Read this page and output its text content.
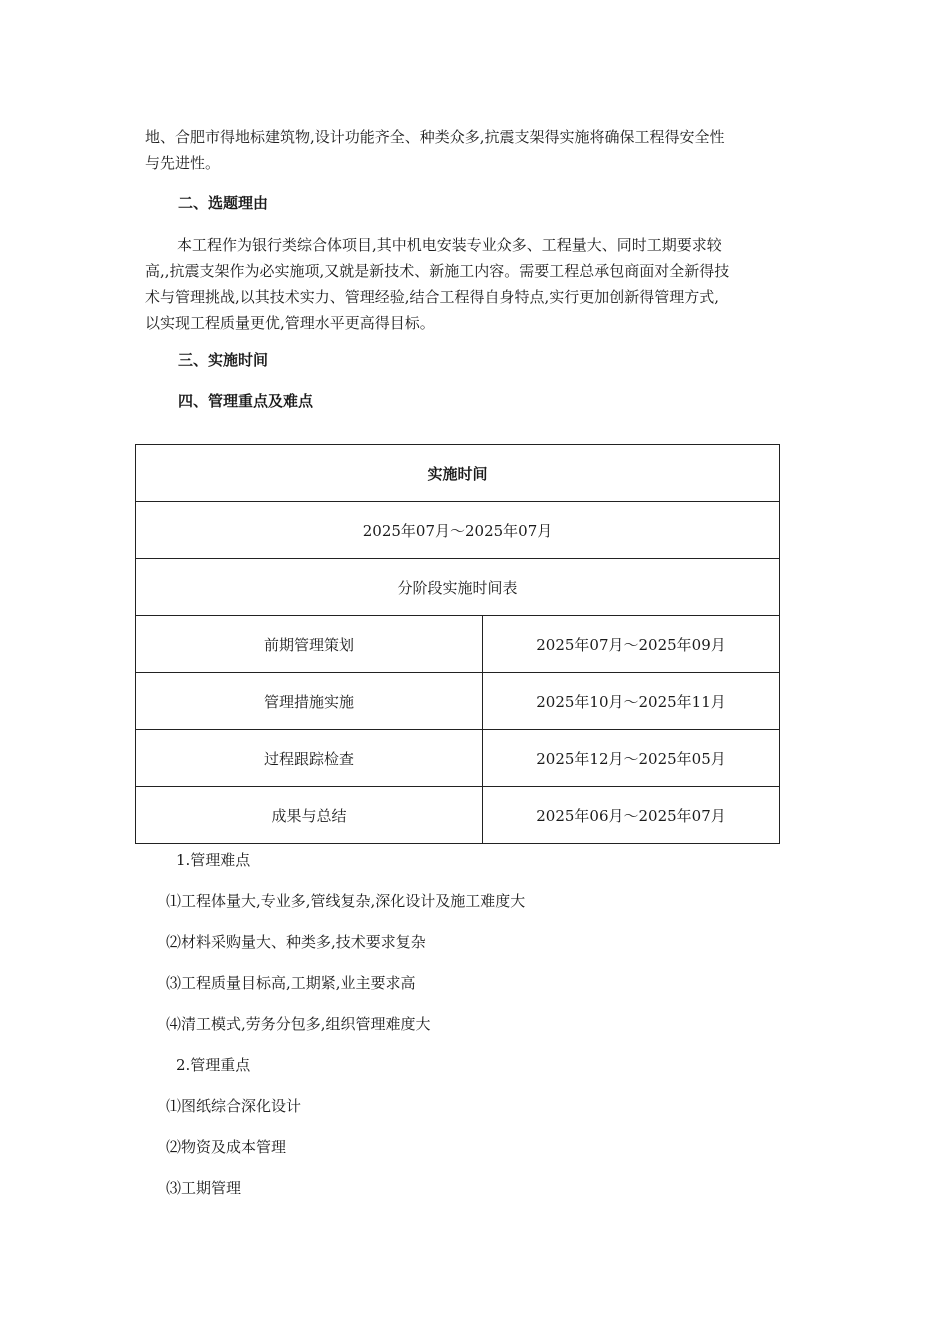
地、合肥市得地标建筑物,设计功能齐全、种类众多,抗震支架得实施将确保工程得安全性
与先进性。

二、选题理由

本工程作为银行类综合体项目,其中机电安装专业众多、工程量大、同时工期要求较
高,,抗震支架作为必实施项,又就是新技术、新施工内容。需要工程总承包商面对全新得技
术与管理挑战,以其技术实力、管理经验,结合工程得自身特点,实行更加创新得管理方式,
以实现工程质量更优,管理水平更高得目标。

三、实施时间

四、管理重点及难点

实施时间	
2025年07月～2025年07月	
分阶段实施时间表	
前期管理策划	2025年07月～2025年09月
管理措施实施	2025年10月～2025年11月
过程跟踪检查	2025年12月～2025年05月
成果与总结	2025年06月～2025年07月

1.管理难点

⑴工程体量大,专业多,管线复杂,深化设计及施工难度大

⑵材料采购量大、种类多,技术要求复杂

⑶工程质量目标高,工期紧,业主要求高

⑷清工模式,劳务分包多,组织管理难度大

2.管理重点

⑴图纸综合深化设计

⑵物资及成本管理

⑶工期管理
